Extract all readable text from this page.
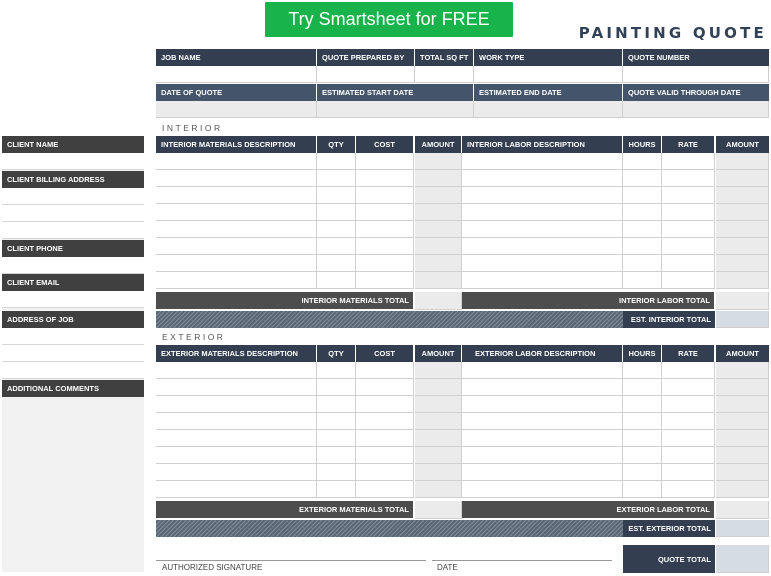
Try Smartsheet for FREE
PAINTING QUOTE
JOB NAME	QUOTE PREPARED BY	TOTAL SQ FT	WORK TYPE	QUOTE NUMBER
DATE OF QUOTE	ESTIMATED START DATE	ESTIMATED END DATE	QUOTE VALID THROUGH DATE
CLIENT NAME
CLIENT BILLING ADDRESS
CLIENT PHONE
CLIENT EMAIL
ADDRESS OF JOB
ADDITIONAL COMMENTS
INTERIOR
INTERIOR MATERIALS DESCRIPTION	QTY	COST	AMOUNT	INTERIOR LABOR DESCRIPTION	HOURS	RATE	AMOUNT
INTERIOR MATERIALS TOTAL	INTERIOR LABOR TOTAL
EST. INTERIOR TOTAL
EXTERIOR
EXTERIOR MATERIALS DESCRIPTION	QTY	COST	AMOUNT	EXTERIOR LABOR DESCRIPTION	HOURS	RATE	AMOUNT
EXTERIOR MATERIALS TOTAL	EXTERIOR LABOR TOTAL
EST. EXTERIOR TOTAL
AUTHORIZED SIGNATURE	DATE
QUOTE TOTAL
